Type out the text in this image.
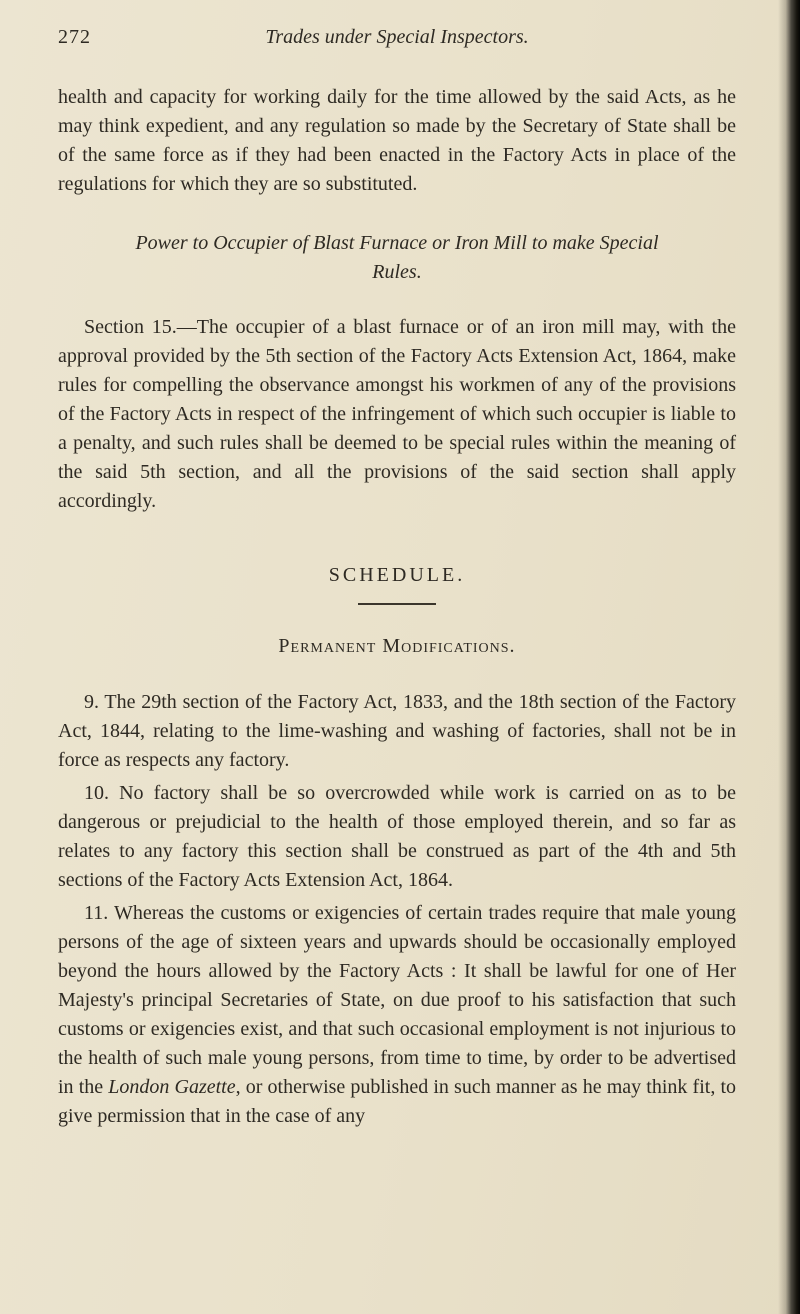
272	Trades under Special Inspectors.

health and capacity for working daily for the time allowed by the said Acts, as he may think expedient, and any regulation so made by the Secretary of State shall be of the same force as if they had been enacted in the Factory Acts in place of the regulations for which they are so substituted.

Power to Occupier of Blast Furnace or Iron Mill to make Special Rules.

Section 15.—The occupier of a blast furnace or of an iron mill may, with the approval provided by the 5th section of the Factory Acts Extension Act, 1864, make rules for compelling the observance amongst his workmen of any of the provisions of the Factory Acts in respect of the infringement of which such occupier is liable to a penalty, and such rules shall be deemed to be special rules within the meaning of the said 5th section, and all the provisions of the said section shall apply accordingly.

SCHEDULE.
Permanent Modifications.

9. The 29th section of the Factory Act, 1833, and the 18th section of the Factory Act, 1844, relating to the lime-washing and washing of factories, shall not be in force as respects any factory.

10. No factory shall be so overcrowded while work is carried on as to be dangerous or prejudicial to the health of those employed therein, and so far as relates to any factory this section shall be construed as part of the 4th and 5th sections of the Factory Acts Extension Act, 1864.

11. Whereas the customs or exigencies of certain trades require that male young persons of the age of sixteen years and upwards should be occasionally employed beyond the hours allowed by the Factory Acts : It shall be lawful for one of Her Majesty's principal Secretaries of State, on due proof to his satisfaction that such customs or exigencies exist, and that such occasional employment is not injurious to the health of such male young persons, from time to time, by order to be advertised in the London Gazette, or otherwise published in such manner as he may think fit, to give permission that in the case of any
